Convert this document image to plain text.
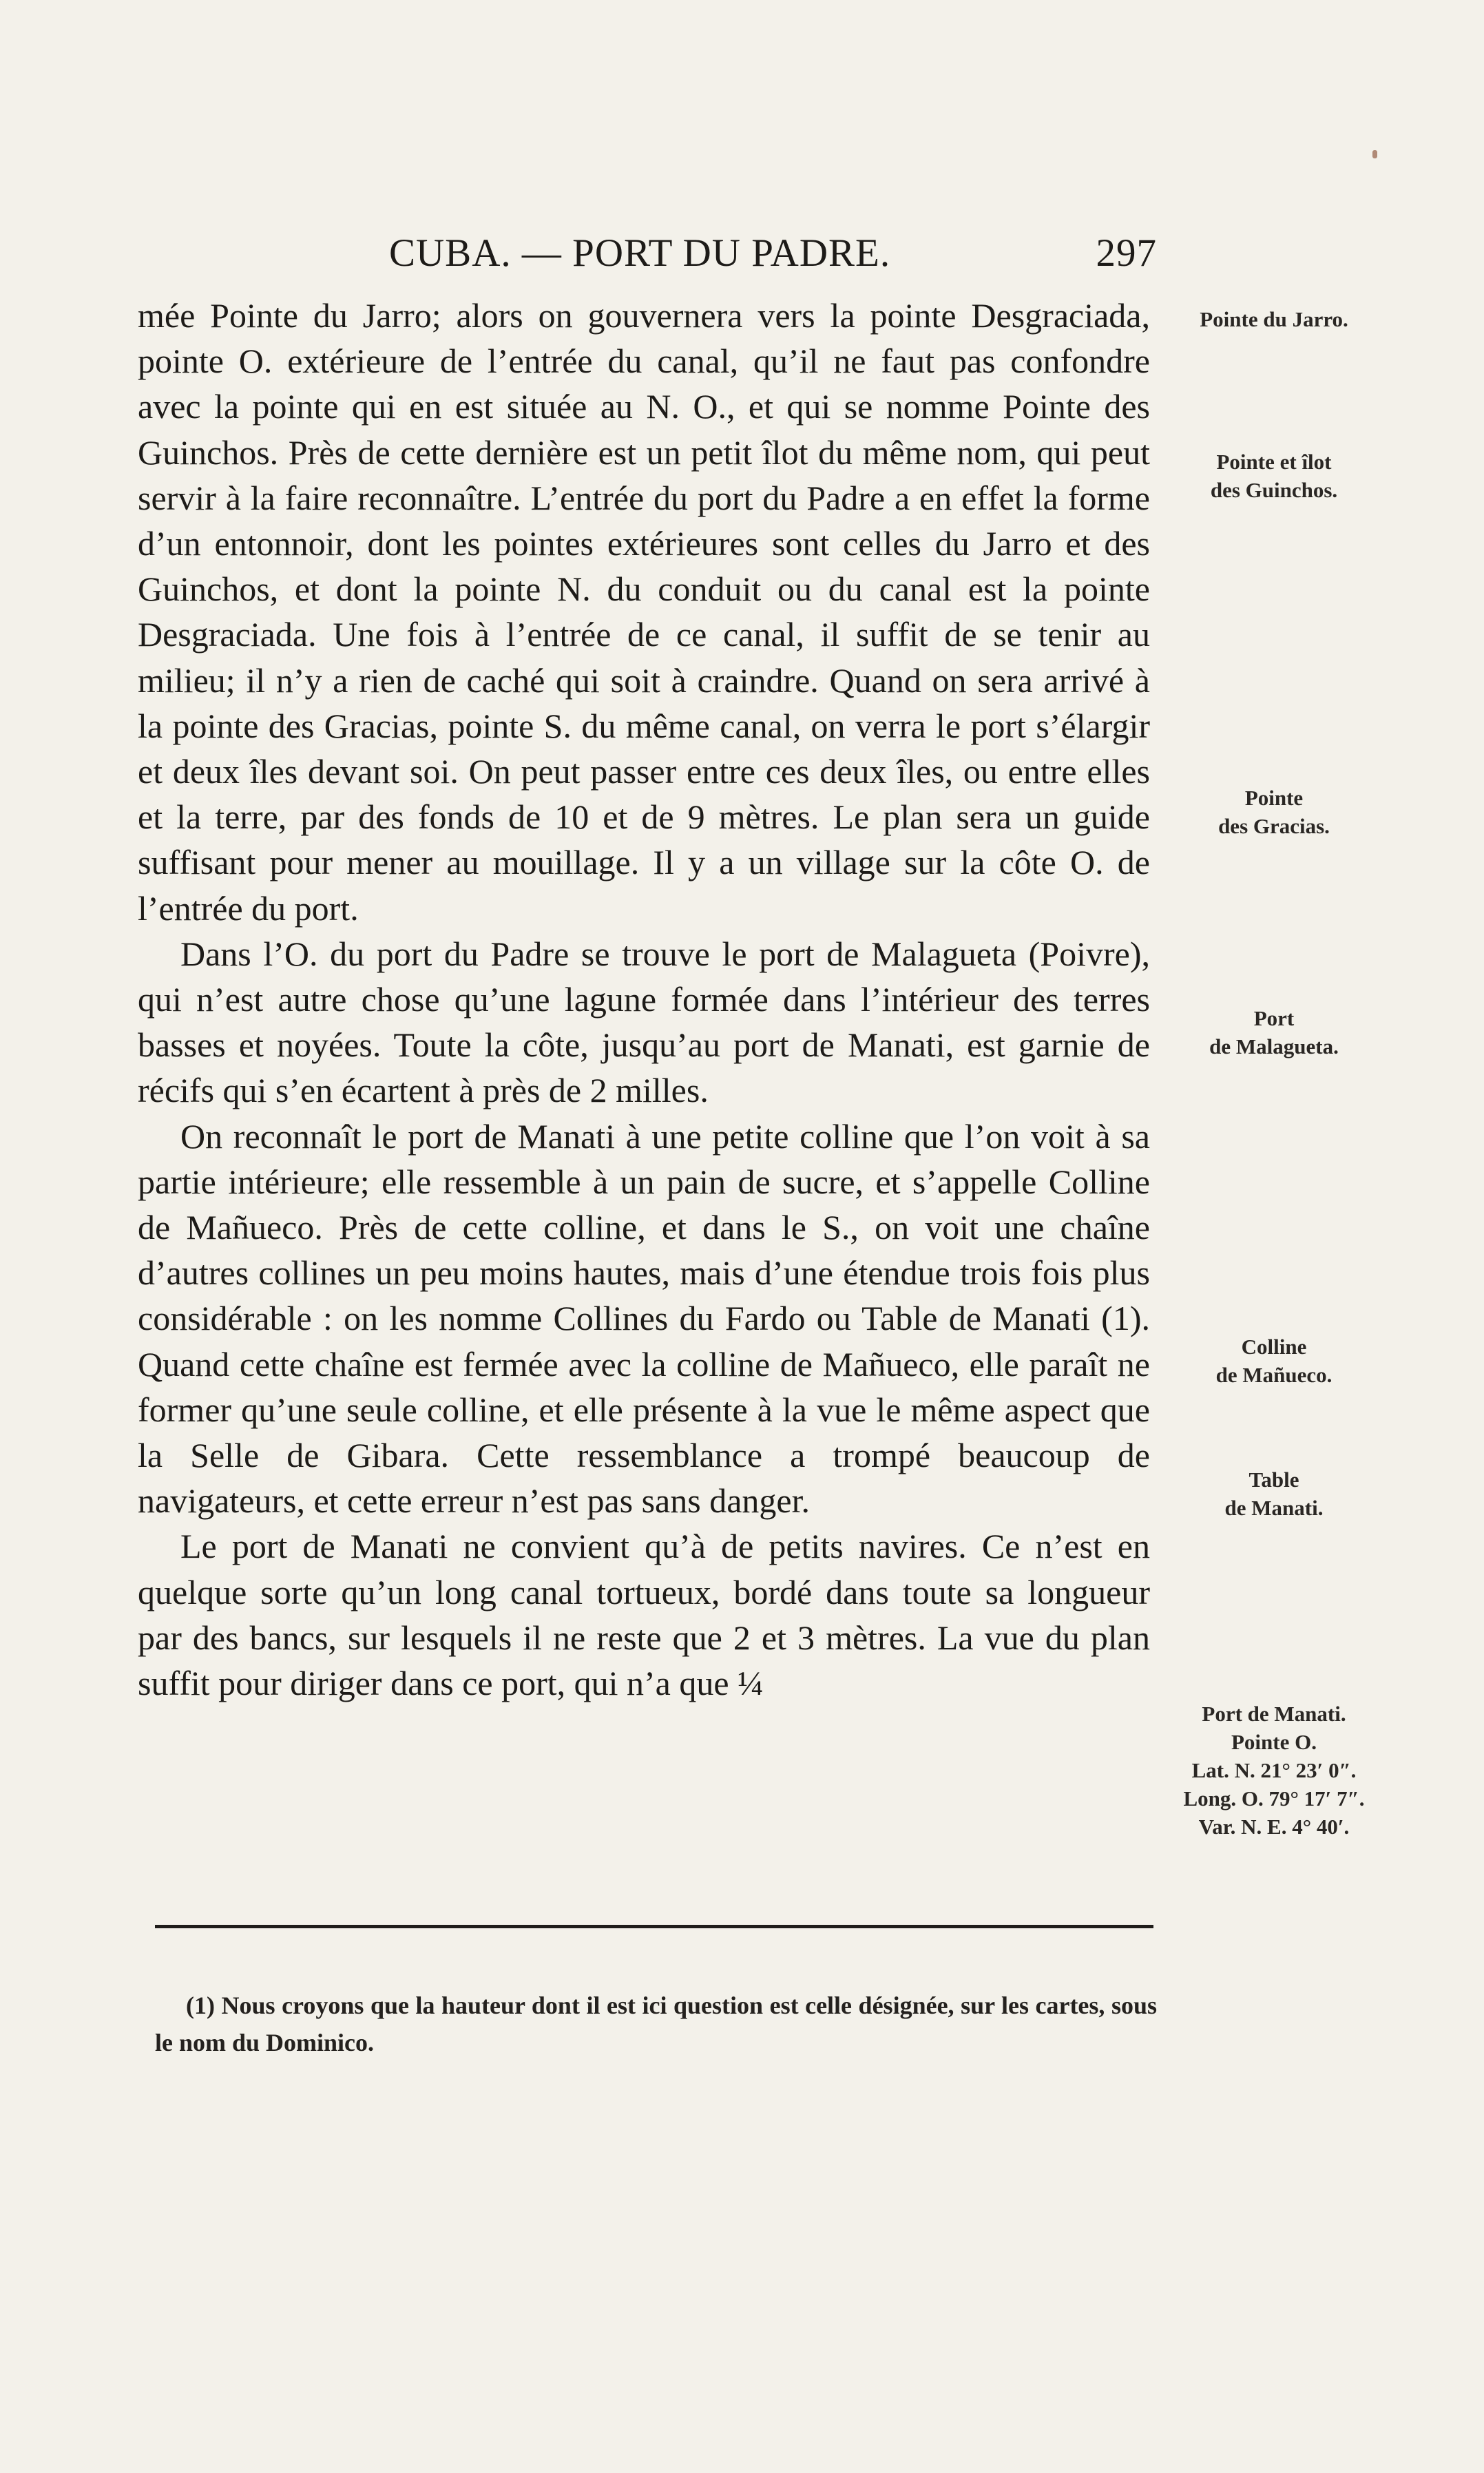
CUBA. — PORT DU PADRE.	297

mée Pointe du Jarro; alors on gouvernera vers la pointe Desgraciada, pointe O. extérieure de l’entrée du canal, qu’il ne faut pas confondre avec la pointe qui en est située au N. O., et qui se nomme Pointe des Guinchos. Près de cette dernière est un petit îlot du même nom, qui peut servir à la faire reconnaître. L’entrée du port du Padre a en effet la forme d’un entonnoir, dont les pointes extérieures sont celles du Jarro et des Guinchos, et dont la pointe N. du conduit ou du canal est la pointe Desgraciada. Une fois à l’entrée de ce canal, il suffit de se tenir au milieu; il n’y a rien de caché qui soit à craindre. Quand on sera arrivé à la pointe des Gracias, pointe S. du même canal, on verra le port s’élargir et deux îles devant soi. On peut passer entre ces deux îles, ou entre elles et la terre, par des fonds de 10 et de 9 mètres. Le plan sera un guide suffisant pour mener au mouillage. Il y a un village sur la côte O. de l’entrée du port.

Dans l’O. du port du Padre se trouve le port de Malagueta (Poivre), qui n’est autre chose qu’une lagune formée dans l’intérieur des terres basses et noyées. Toute la côte, jusqu’au port de Manati, est garnie de récifs qui s’en écartent à près de 2 milles.

On reconnaît le port de Manati à une petite colline que l’on voit à sa partie intérieure; elle ressemble à un pain de sucre, et s’appelle Colline de Mañueco. Près de cette colline, et dans le S., on voit une chaîne d’autres collines un peu moins hautes, mais d’une étendue trois fois plus considérable : on les nomme Collines du Fardo ou Table de Manati (1). Quand cette chaîne est fermée avec la colline de Mañueco, elle paraît ne former qu’une seule colline, et elle présente à la vue le même aspect que la Selle de Gibara. Cette ressemblance a trompé beaucoup de navigateurs, et cette erreur n’est pas sans danger.

Le port de Manati ne convient qu’à de petits navires. Ce n’est en quelque sorte qu’un long canal tortueux, bordé dans toute sa longueur par des bancs, sur lesquels il ne reste que 2 et 3 mètres. La vue du plan suffit pour diriger dans ce port, qui n’a que ¼

Pointe du Jarro.
Pointe et îlot
des Guinchos.
Pointe
des Gracias.
Port
de Malagueta.
Colline
de Mañueco.
Table
de Manati.
Port de Manati.
Pointe O.
Lat. N. 21° 23′ 0″.
Long. O. 79° 17′ 7″.
Var. N. E. 4° 40′.
(1) Nous croyons que la hauteur dont il est ici question est celle désignée, sur les cartes, sous le nom du Dominico.
